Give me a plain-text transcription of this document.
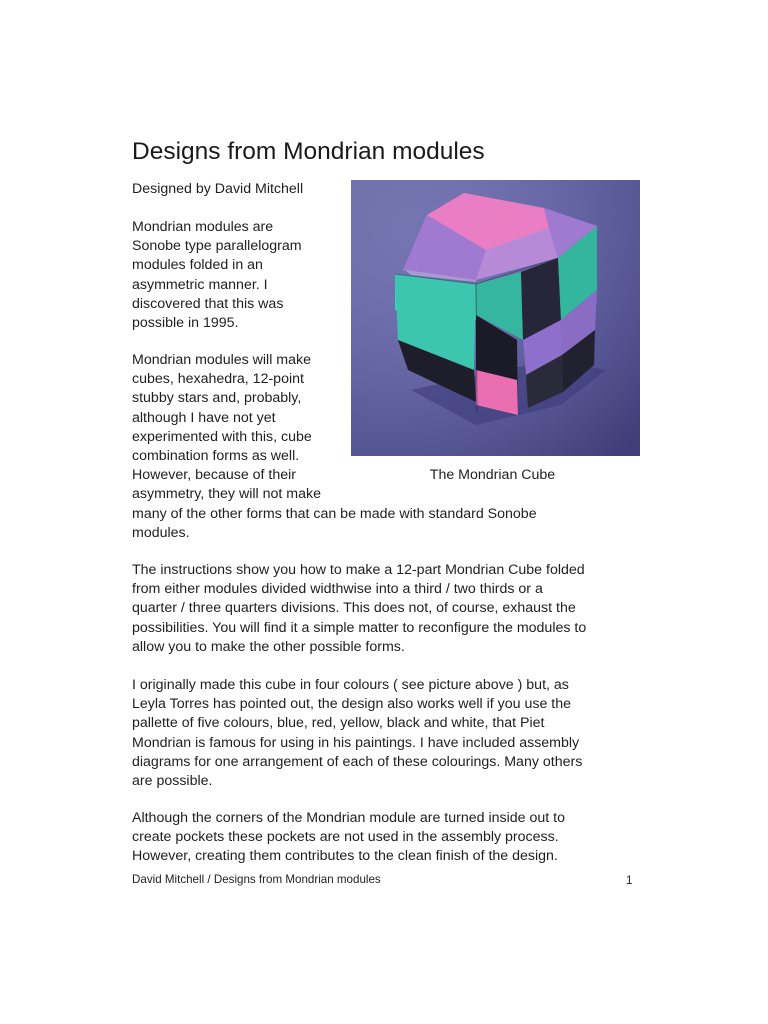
Designs from Mondrian modules
The Mondrian Cube

Designed by David Mitchell

Mondrian modules are
Sonobe type parallelogram
modules folded in an
asymmetric manner. I
discovered that this was
possible in 1995.

Mondrian modules will make
cubes, hexahedra, 12-point
stubby stars and, probably,
although I have not yet
experimented with this, cube
combination forms as well.
However, because of their
asymmetry, they will not make
many of the other forms that can be made with standard Sonobe
modules.

The instructions show you how to make a 12-part Mondrian Cube folded
from either modules divided widthwise into a third / two thirds or a
quarter / three quarters divisions. This does not, of course, exhaust the
possibilities. You will find it a simple matter to reconfigure the modules to
allow you to make the other possible forms.

I originally made this cube in four colours ( see picture above ) but, as
Leyla Torres has pointed out, the design also works well if you use the
pallette of five colours, blue, red, yellow, black and white, that Piet
Mondrian is famous for using in his paintings. I have included assembly
diagrams for one arrangement of each of these colourings. Many others
are possible.

Although the corners of the Mondrian module are turned inside out to
create pockets these pockets are not used in the assembly process.
However, creating them contributes to the clean finish of the design.

David Mitchell / Designs from Mondrian modules	1
